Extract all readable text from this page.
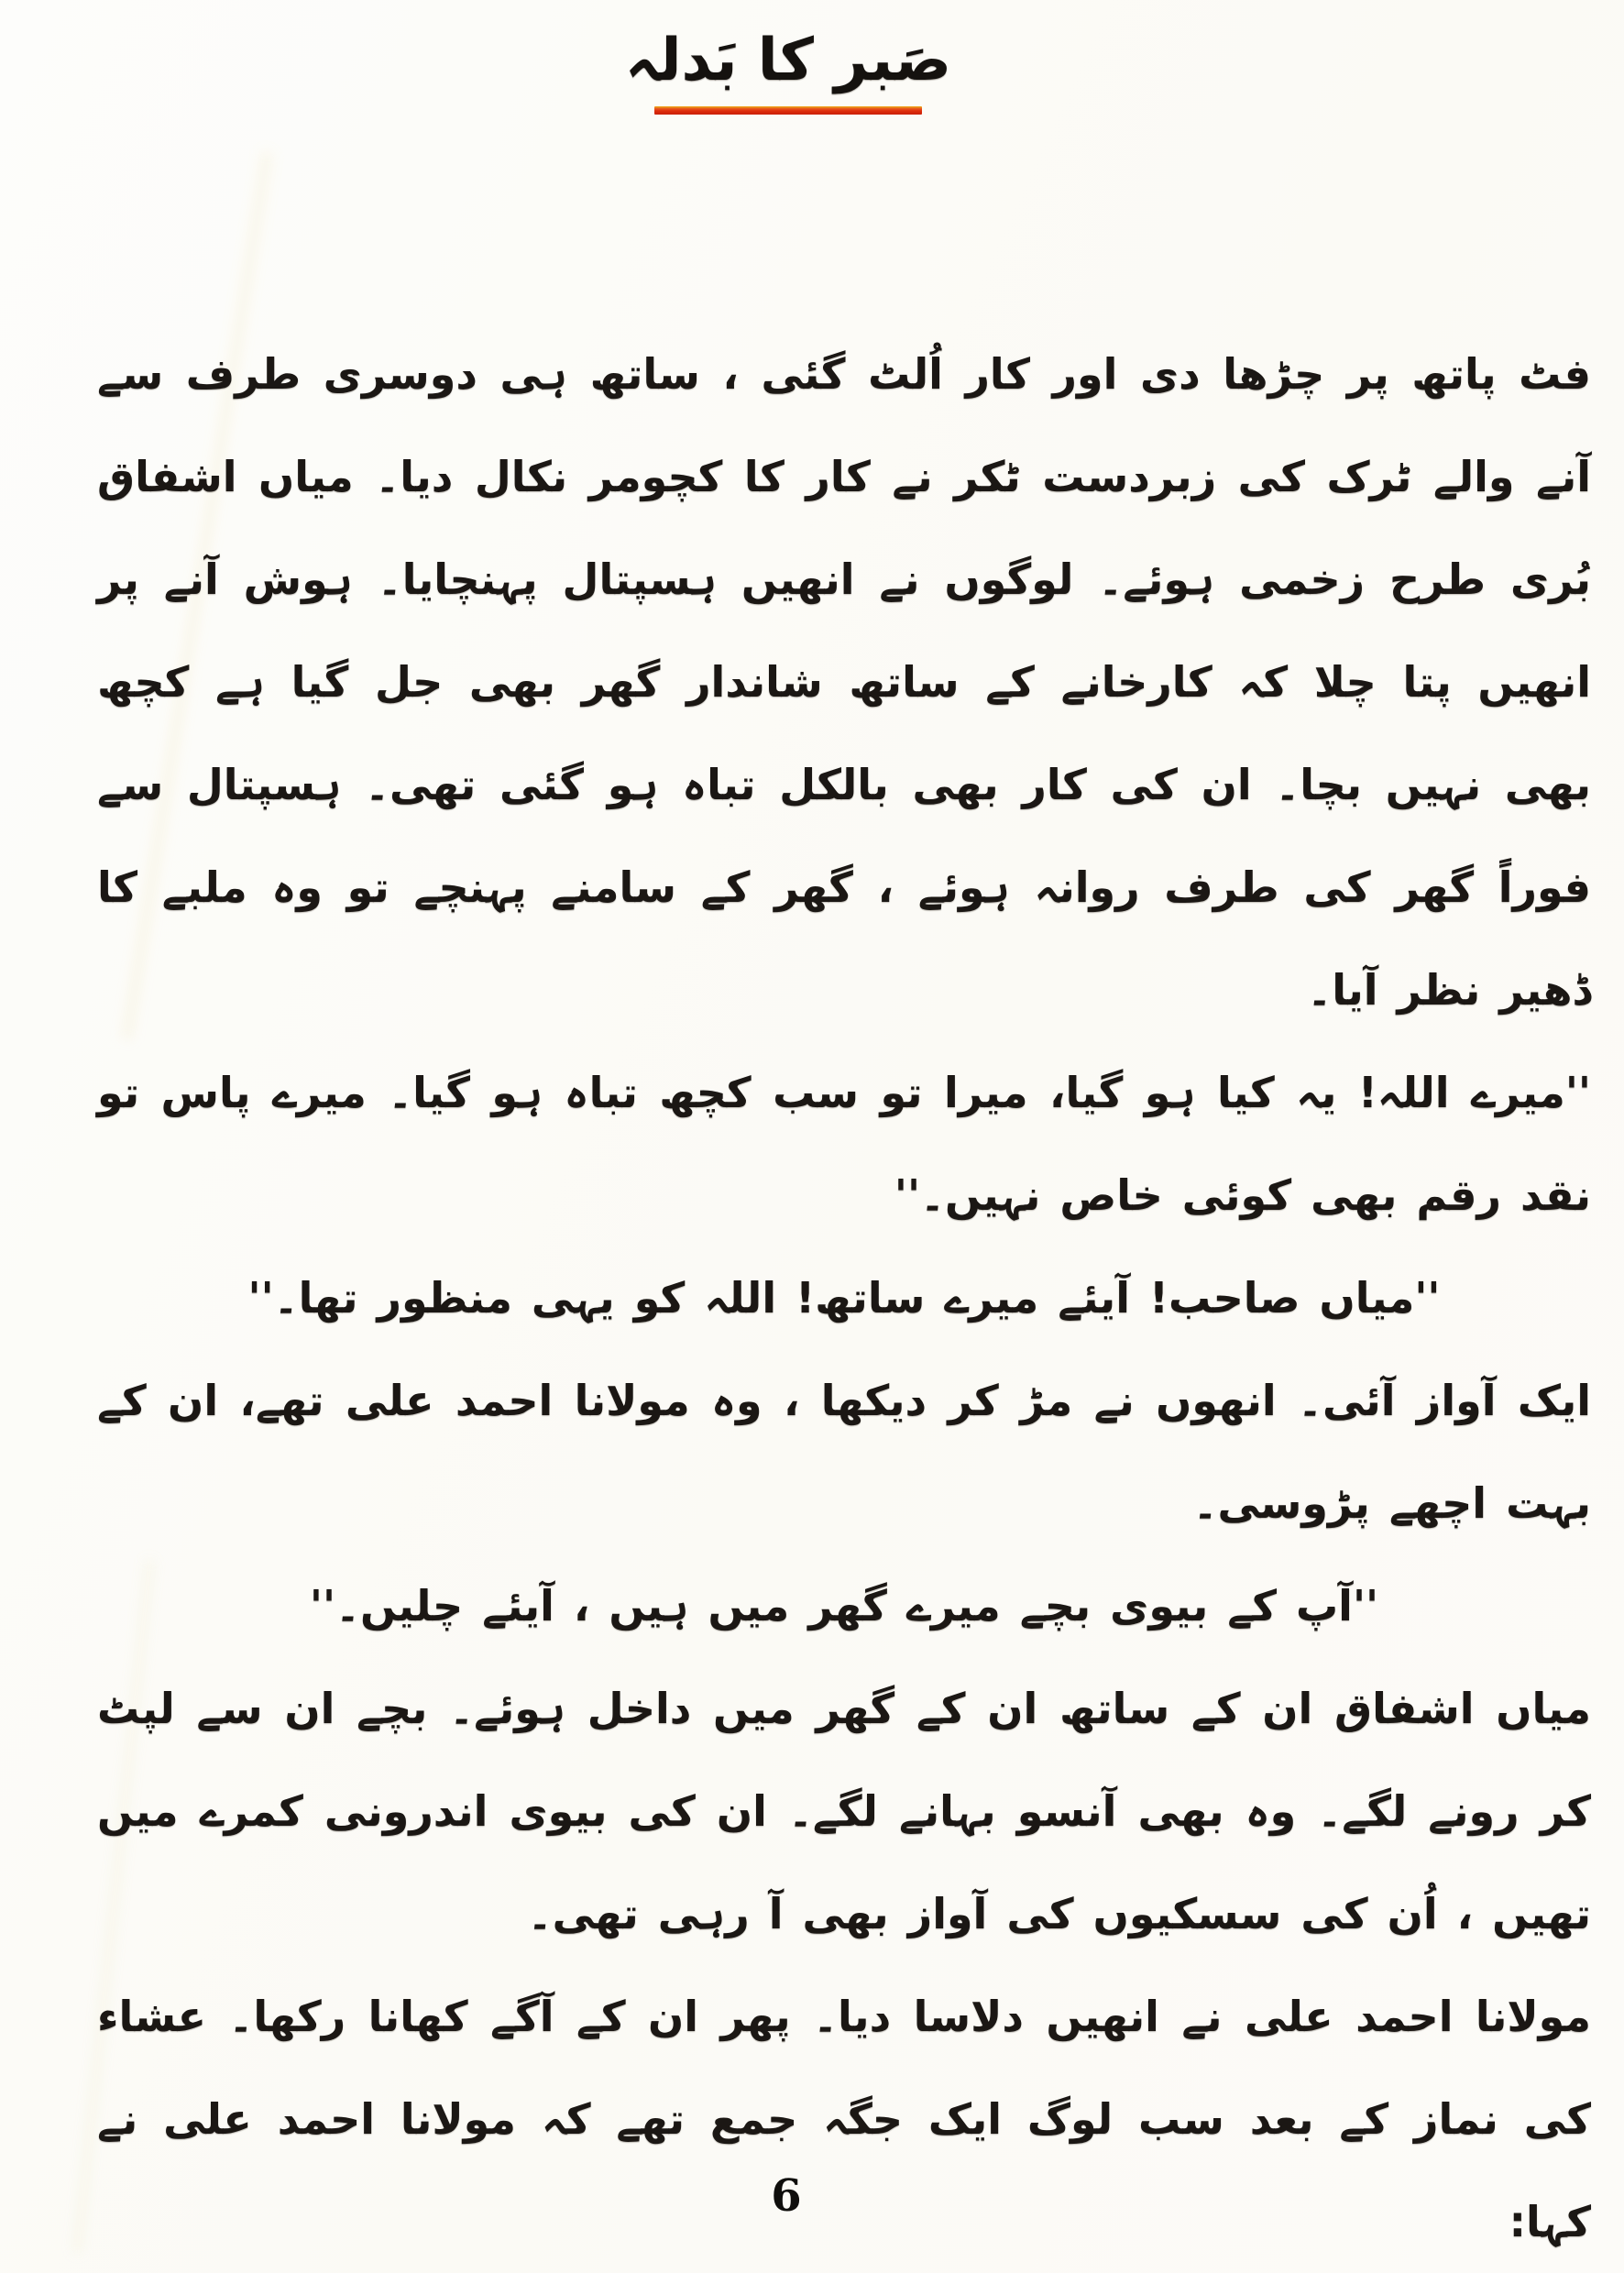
صَبر کا بَدلہ

فٹ پاتھ پر چڑھا دی اور کار اُلٹ گئی ، ساتھ ہی دوسری طرف سے آنے والے ٹرک کی زبردست ٹکر نے کار کا کچومر نکال دیا۔ میاں اشفاق بُری طرح زخمی ہوئے۔ لوگوں نے انھیں ہسپتال پہنچایا۔ ہوش آنے پر انھیں پتا چلا کہ کارخانے کے ساتھ شاندار گھر بھی جل گیا ہے کچھ بھی نہیں بچا۔ ان کی کار بھی بالکل تباہ ہو گئی تھی۔ ہسپتال سے فوراً گھر کی طرف روانہ ہوئے ، گھر کے سامنے پہنچے تو وہ ملبے کا ڈھیر نظر آیا۔

''میرے اللہ! یہ کیا ہو گیا، میرا تو سب کچھ تباہ ہو گیا۔ میرے پاس تو نقد رقم بھی کوئی خاص نہیں۔''

''میاں صاحب! آیئے میرے ساتھ! اللہ کو یہی منظور تھا۔''

ایک آواز آئی۔ انھوں نے مڑ کر دیکھا ، وہ مولانا احمد علی تھے، ان کے بہت اچھے پڑوسی۔

''آپ کے بیوی بچے میرے گھر میں ہیں ، آیئے چلیں۔''

میاں اشفاق ان کے ساتھ ان کے گھر میں داخل ہوئے۔ بچے ان سے لپٹ کر رونے لگے۔ وہ بھی آنسو بہانے لگے۔ ان کی بیوی اندرونی کمرے میں تھیں ، اُن کی سسکیوں کی آواز بھی آ رہی تھی۔

مولانا احمد علی نے انھیں دلاسا دیا۔ پھر ان کے آگے کھانا رکھا۔ عشاء کی نماز کے بعد سب لوگ ایک جگہ جمع تھے کہ مولانا احمد علی نے کہا:

6
